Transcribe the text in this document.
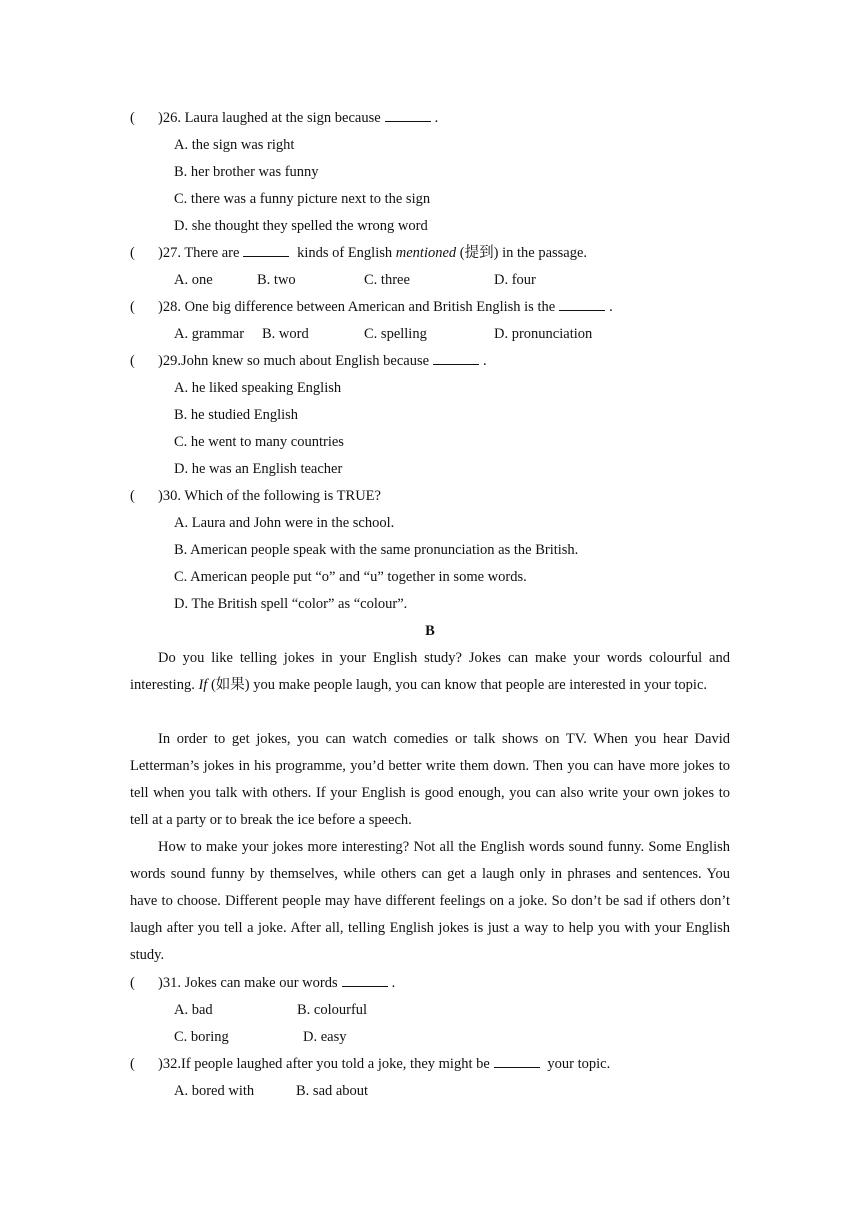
( )26. Laura laughed at the sign because	.
A. the sign was right
B. her brother was funny
C. there was a funny picture next to the sign
D. she thought they spelled the wrong word
( )27. There are	kinds of English mentioned (提到) in the passage.
A. one	B. two	C. three	D. four
( )28. One big difference between American and British English is the	.
A. grammar B. word	C. spelling	D. pronunciation
( )29.John knew so much about English because	.
A. he liked speaking English
B. he studied English
C. he went to many countries
D. he was an English teacher
( )30. Which of the following is TRUE?
A. Laura and John were in the school.
B. American people speak with the same pronunciation as the British.
C. American people put “o” and “u” together in some words.
D. The British spell “color” as “colour”.
B
Do you like telling jokes in your English study? Jokes can make your words colourful and interesting. If (如果) you make people laugh, you can know that people are interested in your topic.
In order to get jokes, you can watch comedies or talk shows on TV. When you hear David Letterman’s jokes in his programme, you’d better write them down. Then you can have more jokes to tell when you talk with others. If your English is good enough, you can also write your own jokes to tell at a party or to break the ice before a speech.
How to make your jokes more interesting? Not all the English words sound funny. Some English words sound funny by themselves, while others can get a laugh only in phrases and sentences. You have to choose. Different people may have different feelings on a joke. So don’t be sad if others don’t laugh after you tell a joke. After all, telling English jokes is just a way to help you with your English study.
( )31. Jokes can make our words	.
A. bad	B. colourful
C. boring	D. easy
( )32.If people laughed after you told a joke, they might be	your topic.
A. bored with	B. sad about
